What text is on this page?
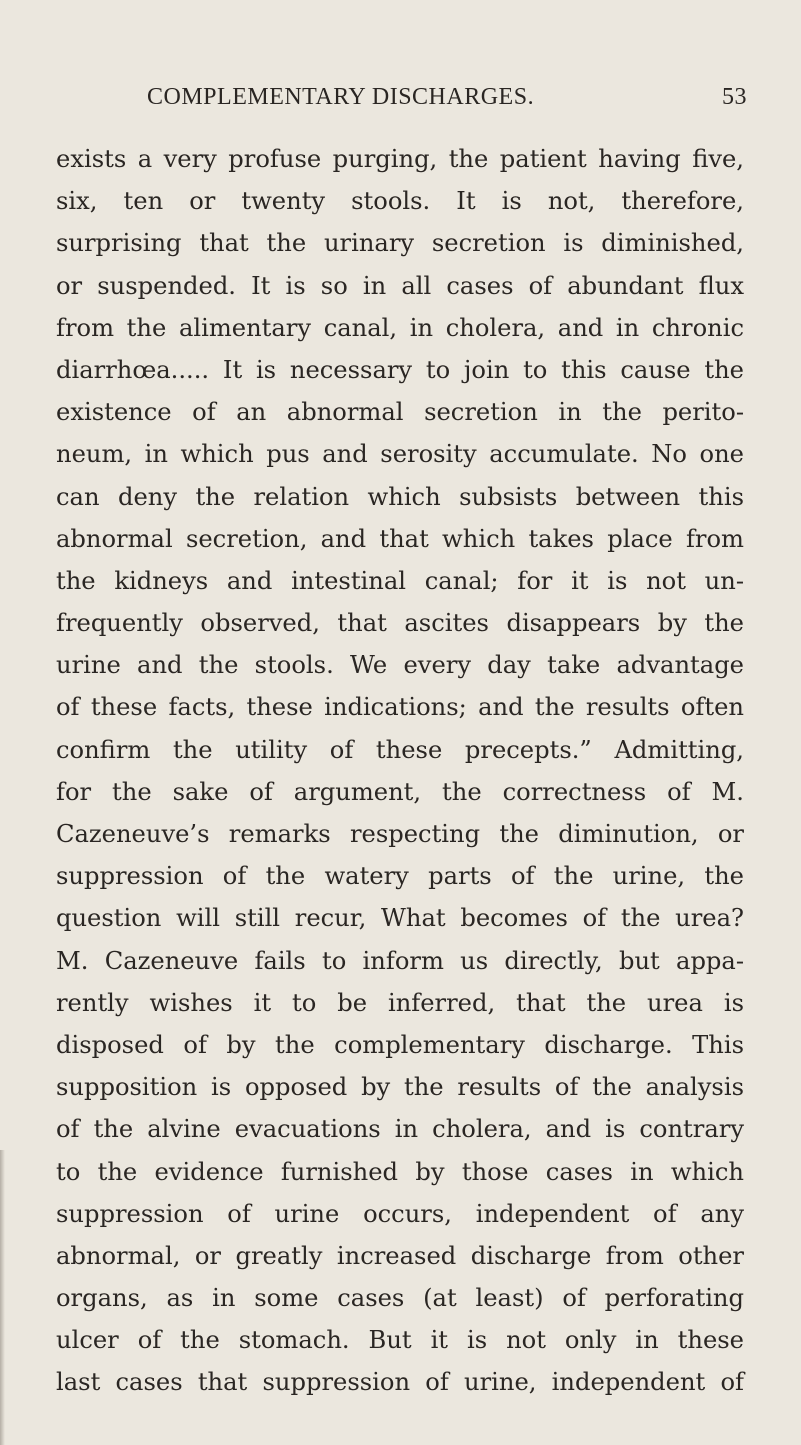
COMPLEMENTARY DISCHARGES.	53
exists a very profuse purging, the patient having five,
six, ten or twenty stools. It is not, therefore,
surprising that the urinary secretion is diminished,
or suspended. It is so in all cases of abundant flux
from the alimentary canal, in cholera, and in chronic
diarrhœa..... It is necessary to join to this cause the
existence of an abnormal secretion in the perito-
neum, in which pus and serosity accumulate. No one
can deny the relation which subsists between this
abnormal secretion, and that which takes place from
the kidneys and intestinal canal; for it is not un-
frequently observed, that ascites disappears by the
urine and the stools. We every day take advantage
of these facts, these indications; and the results often
confirm the utility of these precepts.” Admitting,
for the sake of argument, the correctness of M.
Cazeneuve’s remarks respecting the diminution, or
suppression of the watery parts of the urine, the
question will still recur, What becomes of the urea?
M. Cazeneuve fails to inform us directly, but appa-
rently wishes it to be inferred, that the urea is
disposed of by the complementary discharge. This
supposition is opposed by the results of the analysis
of the alvine evacuations in cholera, and is contrary
to the evidence furnished by those cases in which
suppression of urine occurs, independent of any
abnormal, or greatly increased discharge from other
organs, as in some cases (at least) of perforating
ulcer of the stomach. But it is not only in these
last cases that suppression of urine, independent of
